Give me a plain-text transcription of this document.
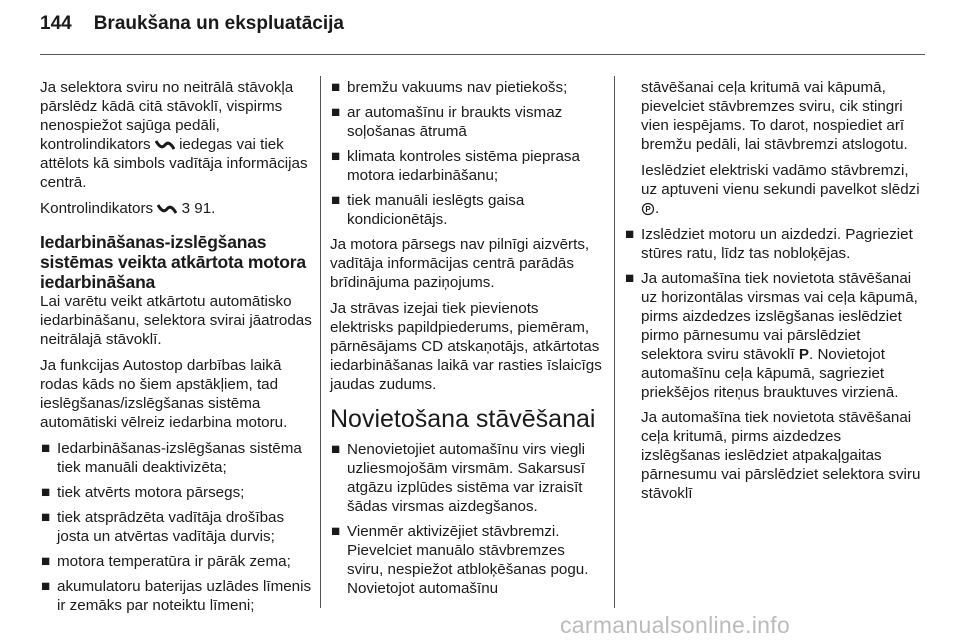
144 Braukšana un ekspluatācija

Ja selektora sviru no neitrālā stāvokļa pārslēdz kādā citā stāvoklī, vispirms nenospiežot sajūga pedāli, kontrolindikators iedegas vai tiek attēlots kā simbols vadītāja informācijas centrā.

Kontrolindikators 3 91.

Iedarbināšanas-izslēgšanas sistēmas veikta atkārtota motora iedarbināšana

Lai varētu veikt atkārtotu automātisko iedarbināšanu, selektora svirai jāatrodas neitrālajā stāvoklī.

Ja funkcijas Autostop darbības laikā rodas kāds no šiem apstākļiem, tad ieslēgšanas/izslēgšanas sistēma automātiski vēlreiz iedarbina motoru.

■ Iedarbināšanas-izslēgšanas sistēma tiek manuāli deaktivizēta;
■ tiek atvērts motora pārsegs;
■ tiek atsprādzēta vadītāja drošības josta un atvērtas vadītāja durvis;
■ motora temperatūra ir pārāk zema;
■ akumulatoru baterijas uzlādes līmenis ir zemāks par noteiktu līmeni;
■ bremžu vakuums nav pietiekošs;
■ ar automašīnu ir braukts vismaz soļošanas ātrumā
■ klimata kontroles sistēma pieprasa motora iedarbināšanu;
■ tiek manuāli ieslēgts gaisa kondicionētājs.

Ja motora pārsegs nav pilnīgi aizvērts, vadītāja informācijas centrā parādās brīdinājuma paziņojums.

Ja strāvas izejai tiek pievienots elektrisks papildpiederums, piemēram, pārnēsājams CD atskaņotājs, atkārtotas iedarbināšanas laikā var rasties īslaicīgs jaudas zudums.

Novietošana stāvēšanai
■ Nenovietojiet automašīnu virs viegli uzliesmojošām virsmām. Sakarsusī atgāzu izplūdes sistēma var izraisīt šādas virsmas aizdegšanos.
■ Vienmēr aktivizējiet stāvbremzi. Pievelciet manuālo stāvbremzes sviru, nespiežot atbloķēšanas pogu. Novietojot automašīnu

stāvēšanai ceļa kritumā vai kāpumā, pievelciet stāvbremzes sviru, cik stingri vien iespējams. To darot, nospiediet arī bremžu pedāli, lai stāvbremzi atslogotu.

Ieslēdziet elektriski vadāmo stāvbremzi, uz aptuveni vienu sekundi pavelkot slēdzi
P .

■ Izslēdziet motoru un aizdedzi. Pagrieziet stūres ratu, līdz tas nobloķējas.
■ Ja automašīna tiek novietota stāvēšanai uz horizontālas virsmas vai ceļa kāpumā, pirms aizdedzes izslēgšanas ieslēdziet pirmo pārnesumu vai pārslēdziet selektora sviru stāvoklī P. Novietojot automašīnu ceļa kāpumā, sagrieziet priekšējos riteņus brauktuves virzienā.

Ja automašīna tiek novietota stāvēšanai ceļa kritumā, pirms aizdedzes izslēgšanas ieslēdziet atpakaļgaitas pārnesumu vai pārslēdziet selektora sviru stāvoklī

carmanualsonline.info
